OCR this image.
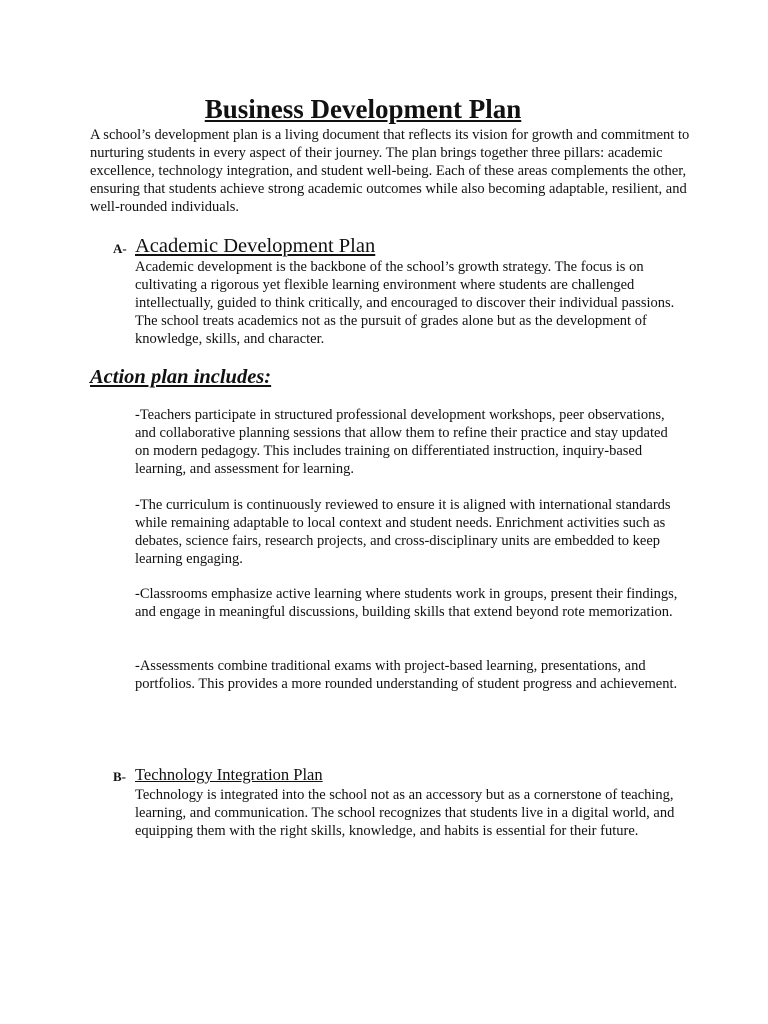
Business Development Plan

A school’s development plan is a living document that reflects its vision for growth and commitment to nurturing students in every aspect of their journey. The plan brings together three pillars: academic excellence, technology integration, and student well-being. Each of these areas complements the other, ensuring that students achieve strong academic outcomes while also becoming adaptable, resilient, and well-rounded individuals.

A- Academic Development Plan

Academic development is the backbone of the school’s growth strategy. The focus is on cultivating a rigorous yet flexible learning environment where students are challenged intellectually, guided to think critically, and encouraged to discover their individual passions. The school treats academics not as the pursuit of grades alone but as the development of knowledge, skills, and character.

Action plan includes:

-Teachers participate in structured professional development workshops, peer observations, and collaborative planning sessions that allow them to refine their practice and stay updated on modern pedagogy. This includes training on differentiated instruction, inquiry-based learning, and assessment for learning.

-The curriculum is continuously reviewed to ensure it is aligned with international standards while remaining adaptable to local context and student needs. Enrichment activities such as debates, science fairs, research projects, and cross-disciplinary units are embedded to keep learning engaging.

-Classrooms emphasize active learning where students work in groups, present their findings, and engage in meaningful discussions, building skills that extend beyond rote memorization.

-Assessments combine traditional exams with project-based learning, presentations, and portfolios. This provides a more rounded understanding of student progress and achievement.

B- Technology Integration Plan

Technology is integrated into the school not as an accessory but as a cornerstone of teaching, learning, and communication. The school recognizes that students live in a digital world, and equipping them with the right skills, knowledge, and habits is essential for their future.
